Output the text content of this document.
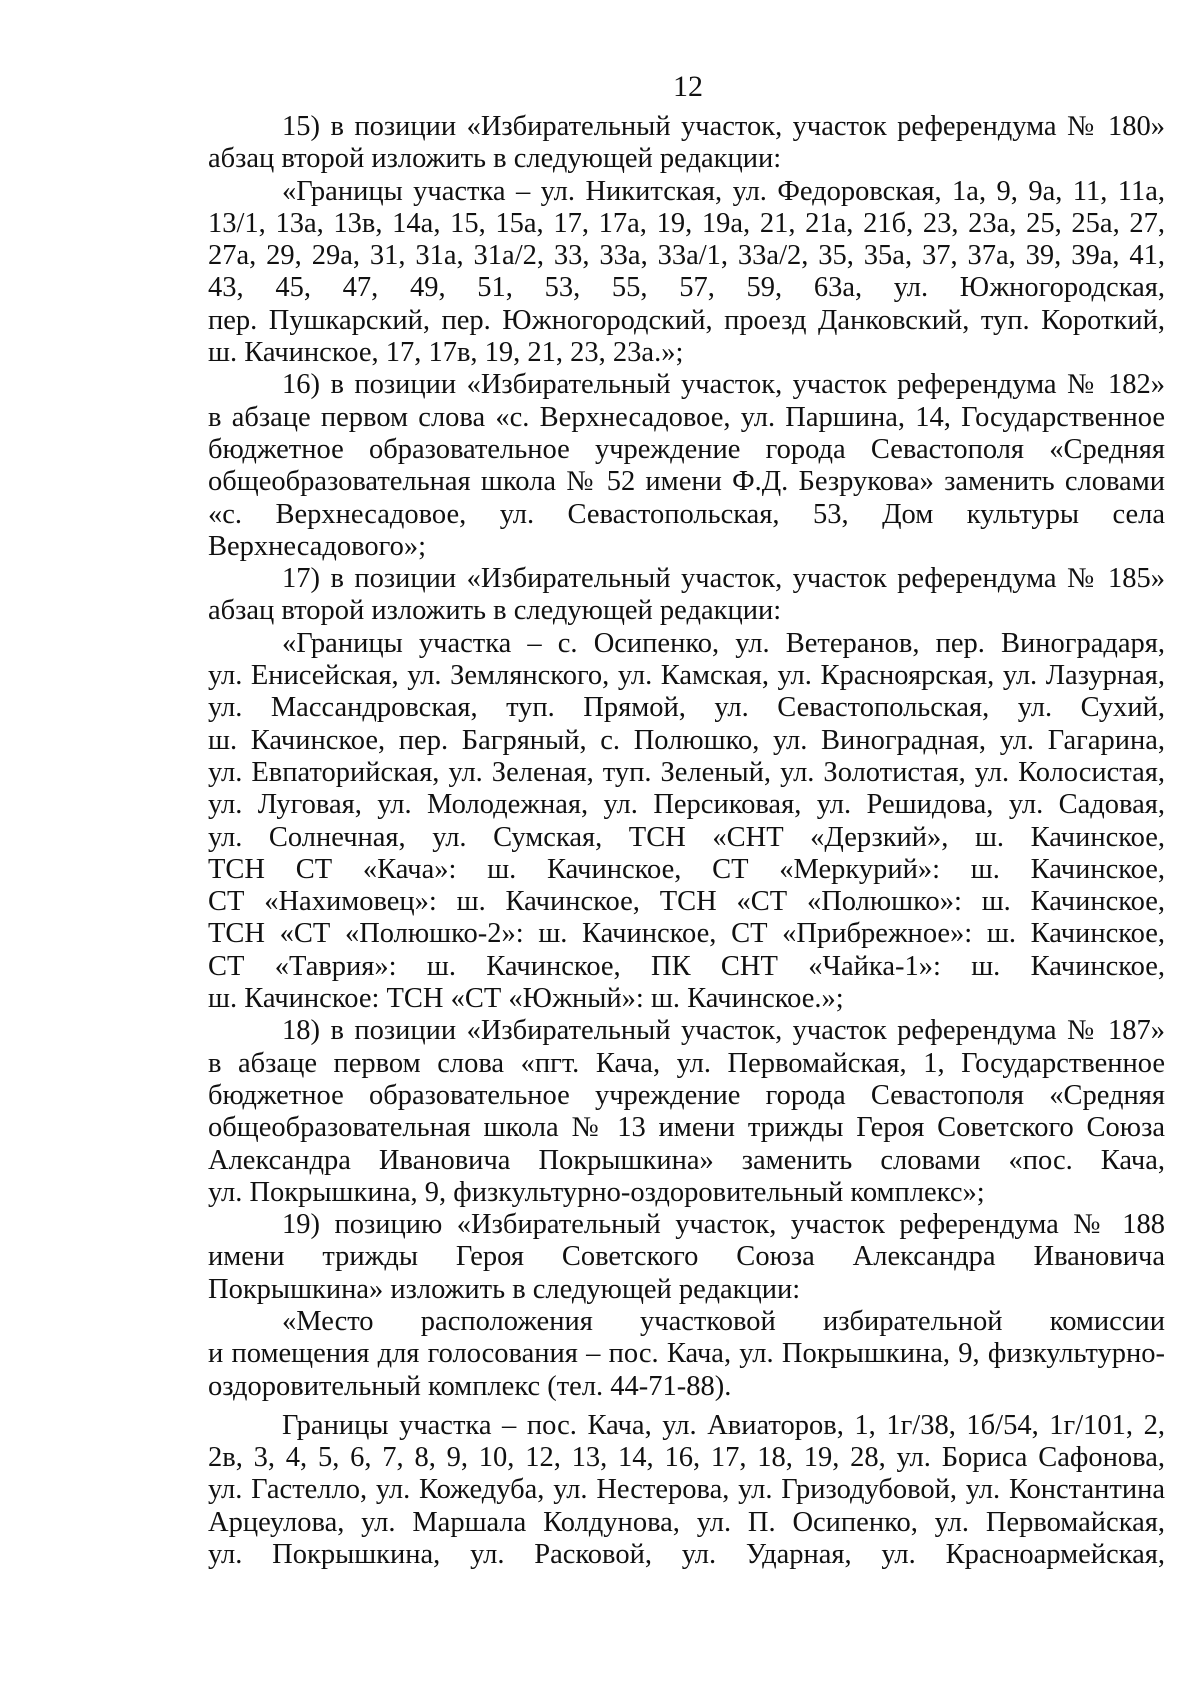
12
15) в позиции «Избирательный участок, участок референдума № 180»
абзац второй изложить в следующей редакции:
«Границы участка – ул. Никитская, ул. Федоровская, 1а, 9, 9а, 11, 11а,
13/1, 13а, 13в, 14а, 15, 15а, 17, 17а, 19, 19а, 21, 21а, 21б, 23, 23а, 25, 25а, 27,
27а, 29, 29а, 31, 31а, 31а/2, 33, 33а, 33а/1, 33а/2, 35, 35а, 37, 37а, 39, 39а, 41,
43, 45, 47, 49, 51, 53, 55, 57, 59, 63а, ул. Южногородская,
пер. Пушкарский, пер. Южногородский, проезд Данковский, туп. Короткий,
ш. Качинское, 17, 17в, 19, 21, 23, 23а.»;
16) в позиции «Избирательный участок, участок референдума № 182»
в абзаце первом слова «с. Верхнесадовое, ул. Паршина, 14, Государственное
бюджетное образовательное учреждение города Севастополя «Средняя
общеобразовательная школа № 52 имени Ф.Д. Безрукова» заменить словами
«с. Верхнесадовое, ул. Севастопольская, 53, Дом культуры села
Верхнесадового»;
17) в позиции «Избирательный участок, участок референдума № 185»
абзац второй изложить в следующей редакции:
«Границы участка – с. Осипенко, ул. Ветеранов, пер. Виноградаря,
ул. Енисейская, ул. Землянского, ул. Камская, ул. Красноярская, ул. Лазурная,
ул. Массандровская, туп. Прямой, ул. Севастопольская, ул. Сухий,
ш. Качинское, пер. Багряный, с. Полюшко, ул. Виноградная, ул. Гагарина,
ул. Евпаторийская, ул. Зеленая, туп. Зеленый, ул. Золотистая, ул. Колосистая,
ул. Луговая, ул. Молодежная, ул. Персиковая, ул. Решидова, ул. Садовая,
ул. Солнечная, ул. Сумская, ТСН «СНТ «Дерзкий», ш. Качинское,
ТСН СТ «Кача»: ш. Качинское, СТ «Меркурий»: ш. Качинское,
СТ «Нахимовец»: ш. Качинское, ТСН «СТ «Полюшко»: ш. Качинское,
ТСН «СТ «Полюшко-2»: ш. Качинское, СТ «Прибрежное»: ш. Качинское,
СТ «Таврия»: ш. Качинское, ПК СНТ «Чайка-1»: ш. Качинское,
ш. Качинское: ТСН «СТ «Южный»: ш. Качинское.»;
18) в позиции «Избирательный участок, участок референдума № 187»
в абзаце первом слова «пгт. Кача, ул. Первомайская, 1, Государственное
бюджетное образовательное учреждение города Севастополя «Средняя
общеобразовательная школа № 13 имени трижды Героя Советского Союза
Александра Ивановича Покрышкина» заменить словами «пос. Кача,
ул. Покрышкина, 9, физкультурно-оздоровительный комплекс»;
19) позицию «Избирательный участок, участок референдума № 188
имени трижды Героя Советского Союза Александра Ивановича
Покрышкина» изложить в следующей редакции:
«Место расположения участковой избирательной комиссии
и помещения для голосования – пос. Кача, ул. Покрышкина, 9, физкультурно-
оздоровительный комплекс (тел. 44-71-88).
Границы участка – пос. Кача, ул. Авиаторов, 1, 1г/38, 1б/54, 1г/101, 2,
2в, 3, 4, 5, 6, 7, 8, 9, 10, 12, 13, 14, 16, 17, 18, 19, 28, ул. Бориса Сафонова,
ул. Гастелло, ул. Кожедуба, ул. Нестерова, ул. Гризодубовой, ул. Константина
Арцеулова, ул. Маршала Колдунова, ул. П. Осипенко, ул. Первомайская,
ул. Покрышкина, ул. Расковой, ул. Ударная, ул. Красноармейская,
